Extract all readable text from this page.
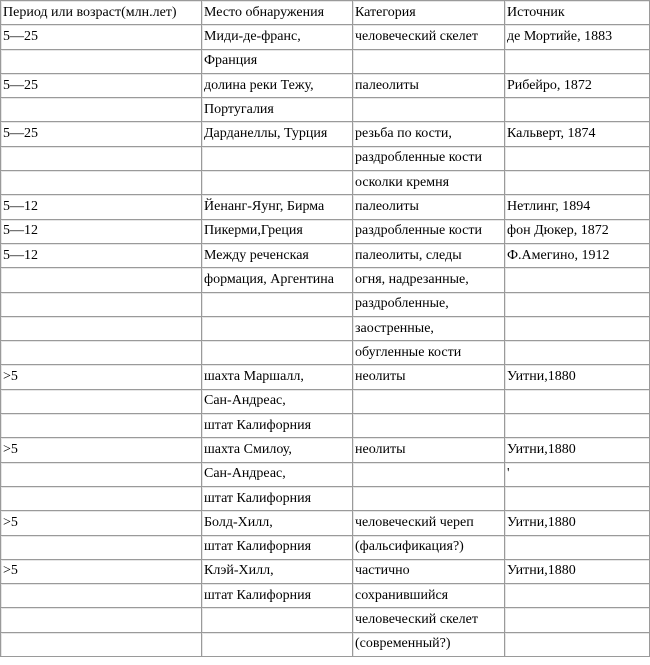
Период или возраст(млн.лет)	Место обнаружения	Категория	Источник
5—25	Миди-де-франс,	человеческий скелет	де Мортийе, 1883
	Франция		
5—25	долина реки Тежу,	палеолиты	Рибейро, 1872
	Португалия		
5—25	Дарданеллы, Турция	резьба по кости,	Кальверт, 1874
		раздробленные кости	
		осколки кремня	
5—12	Йенанг-Яунг, Бирма	палеолиты	Нетлинг, 1894
5—12	Пикерми,Греция	раздробленные кости	фон Дюкер, 1872
5—12	Между реченская	палеолиты, следы	Ф.Амегино, 1912
	формация, Аргентина	огня, надрезанные,	
		раздробленные,	
		заостренные,	
		обугленные кости	
>5	шахта Маршалл,	неолиты	Уитни,1880
	Сан-Андреас,		
	штат Калифорния		
>5	шахта Смилоу,	неолиты	Уитни,1880
	Сан-Андреас,		'
	штат Калифорния		
>5	Болд-Хилл,	человеческий череп	Уитни,1880
	штат Калифорния	(фальсификация?)	
>5	Клэй-Хилл,	частично	Уитни,1880
	штат Калифорния	сохранившийся	
		человеческий скелет	
		(современный?)	
